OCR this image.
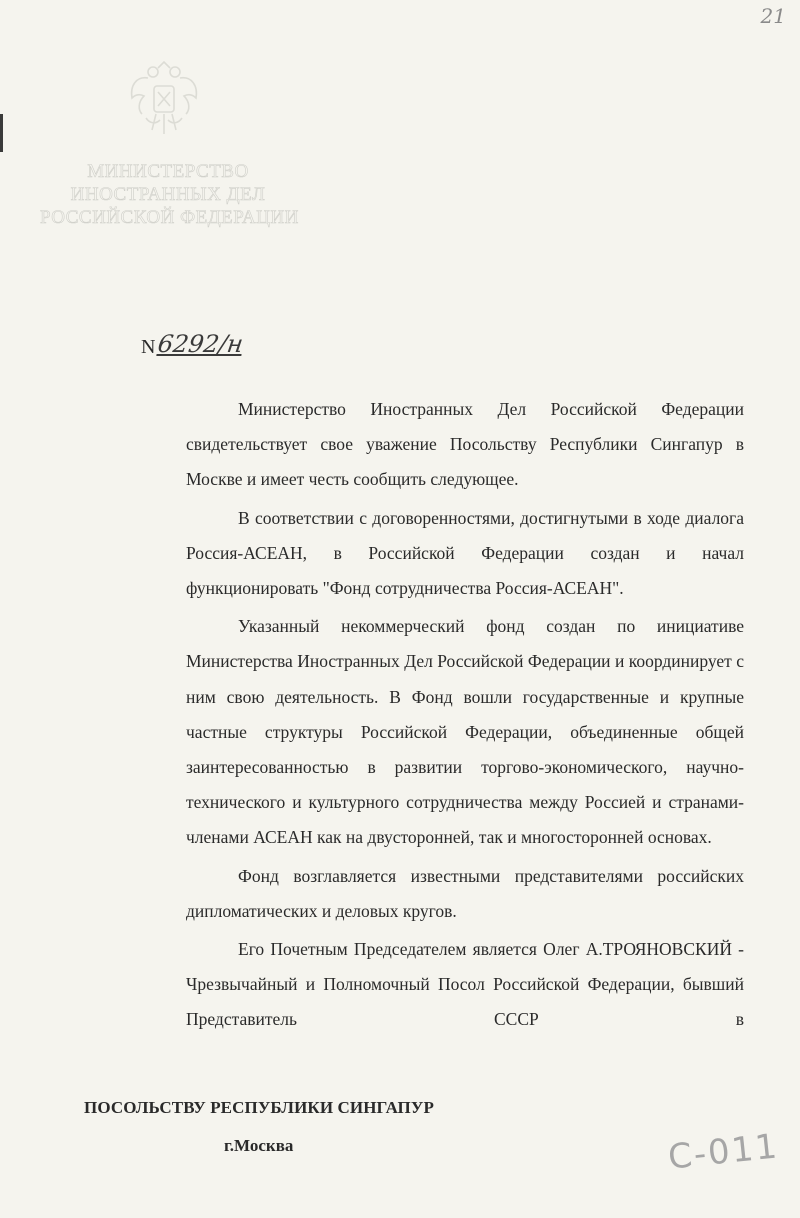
21
МИНИСТЕРСТВО
ИНОСТРАННЫХ ДЕЛ
РОССИЙСКОЙ ФЕДЕРАЦИИ
N6292/н

Министерство Иностранных Дел Российской Федерации свидетельствует свое уважение Посольству Республики Сингапур в Москве и имеет честь сообщить следующее.

В соответствии с договоренностями, достигнутыми в ходе диалога Россия-АСЕАН, в Российской Федерации создан и начал функционировать "Фонд сотрудничества Россия-АСЕАН".

Указанный некоммерческий фонд создан по инициативе Министерства Иностранных Дел Российской Федерации и координирует с ним свою деятельность. В Фонд вошли государственные и крупные частные структуры Российской Федерации, объединенные общей заинтересованностью в развитии торгово-экономического, научно-технического и культурного сотрудничества между Россией и странами-членами АСЕАН как на двусторонней, так и многосторонней основах.

Фонд возглавляется известными представителями российских дипломатических и деловых кругов.

Его Почетным Председателем является Олег А.ТРОЯНОВСКИЙ - Чрезвычайный и Полномочный Посол Российской Федерации, бывший Представитель СССР в

ПОСОЛЬСТВУ РЕСПУБЛИКИ СИНГАПУР
г.Москва	C-011
